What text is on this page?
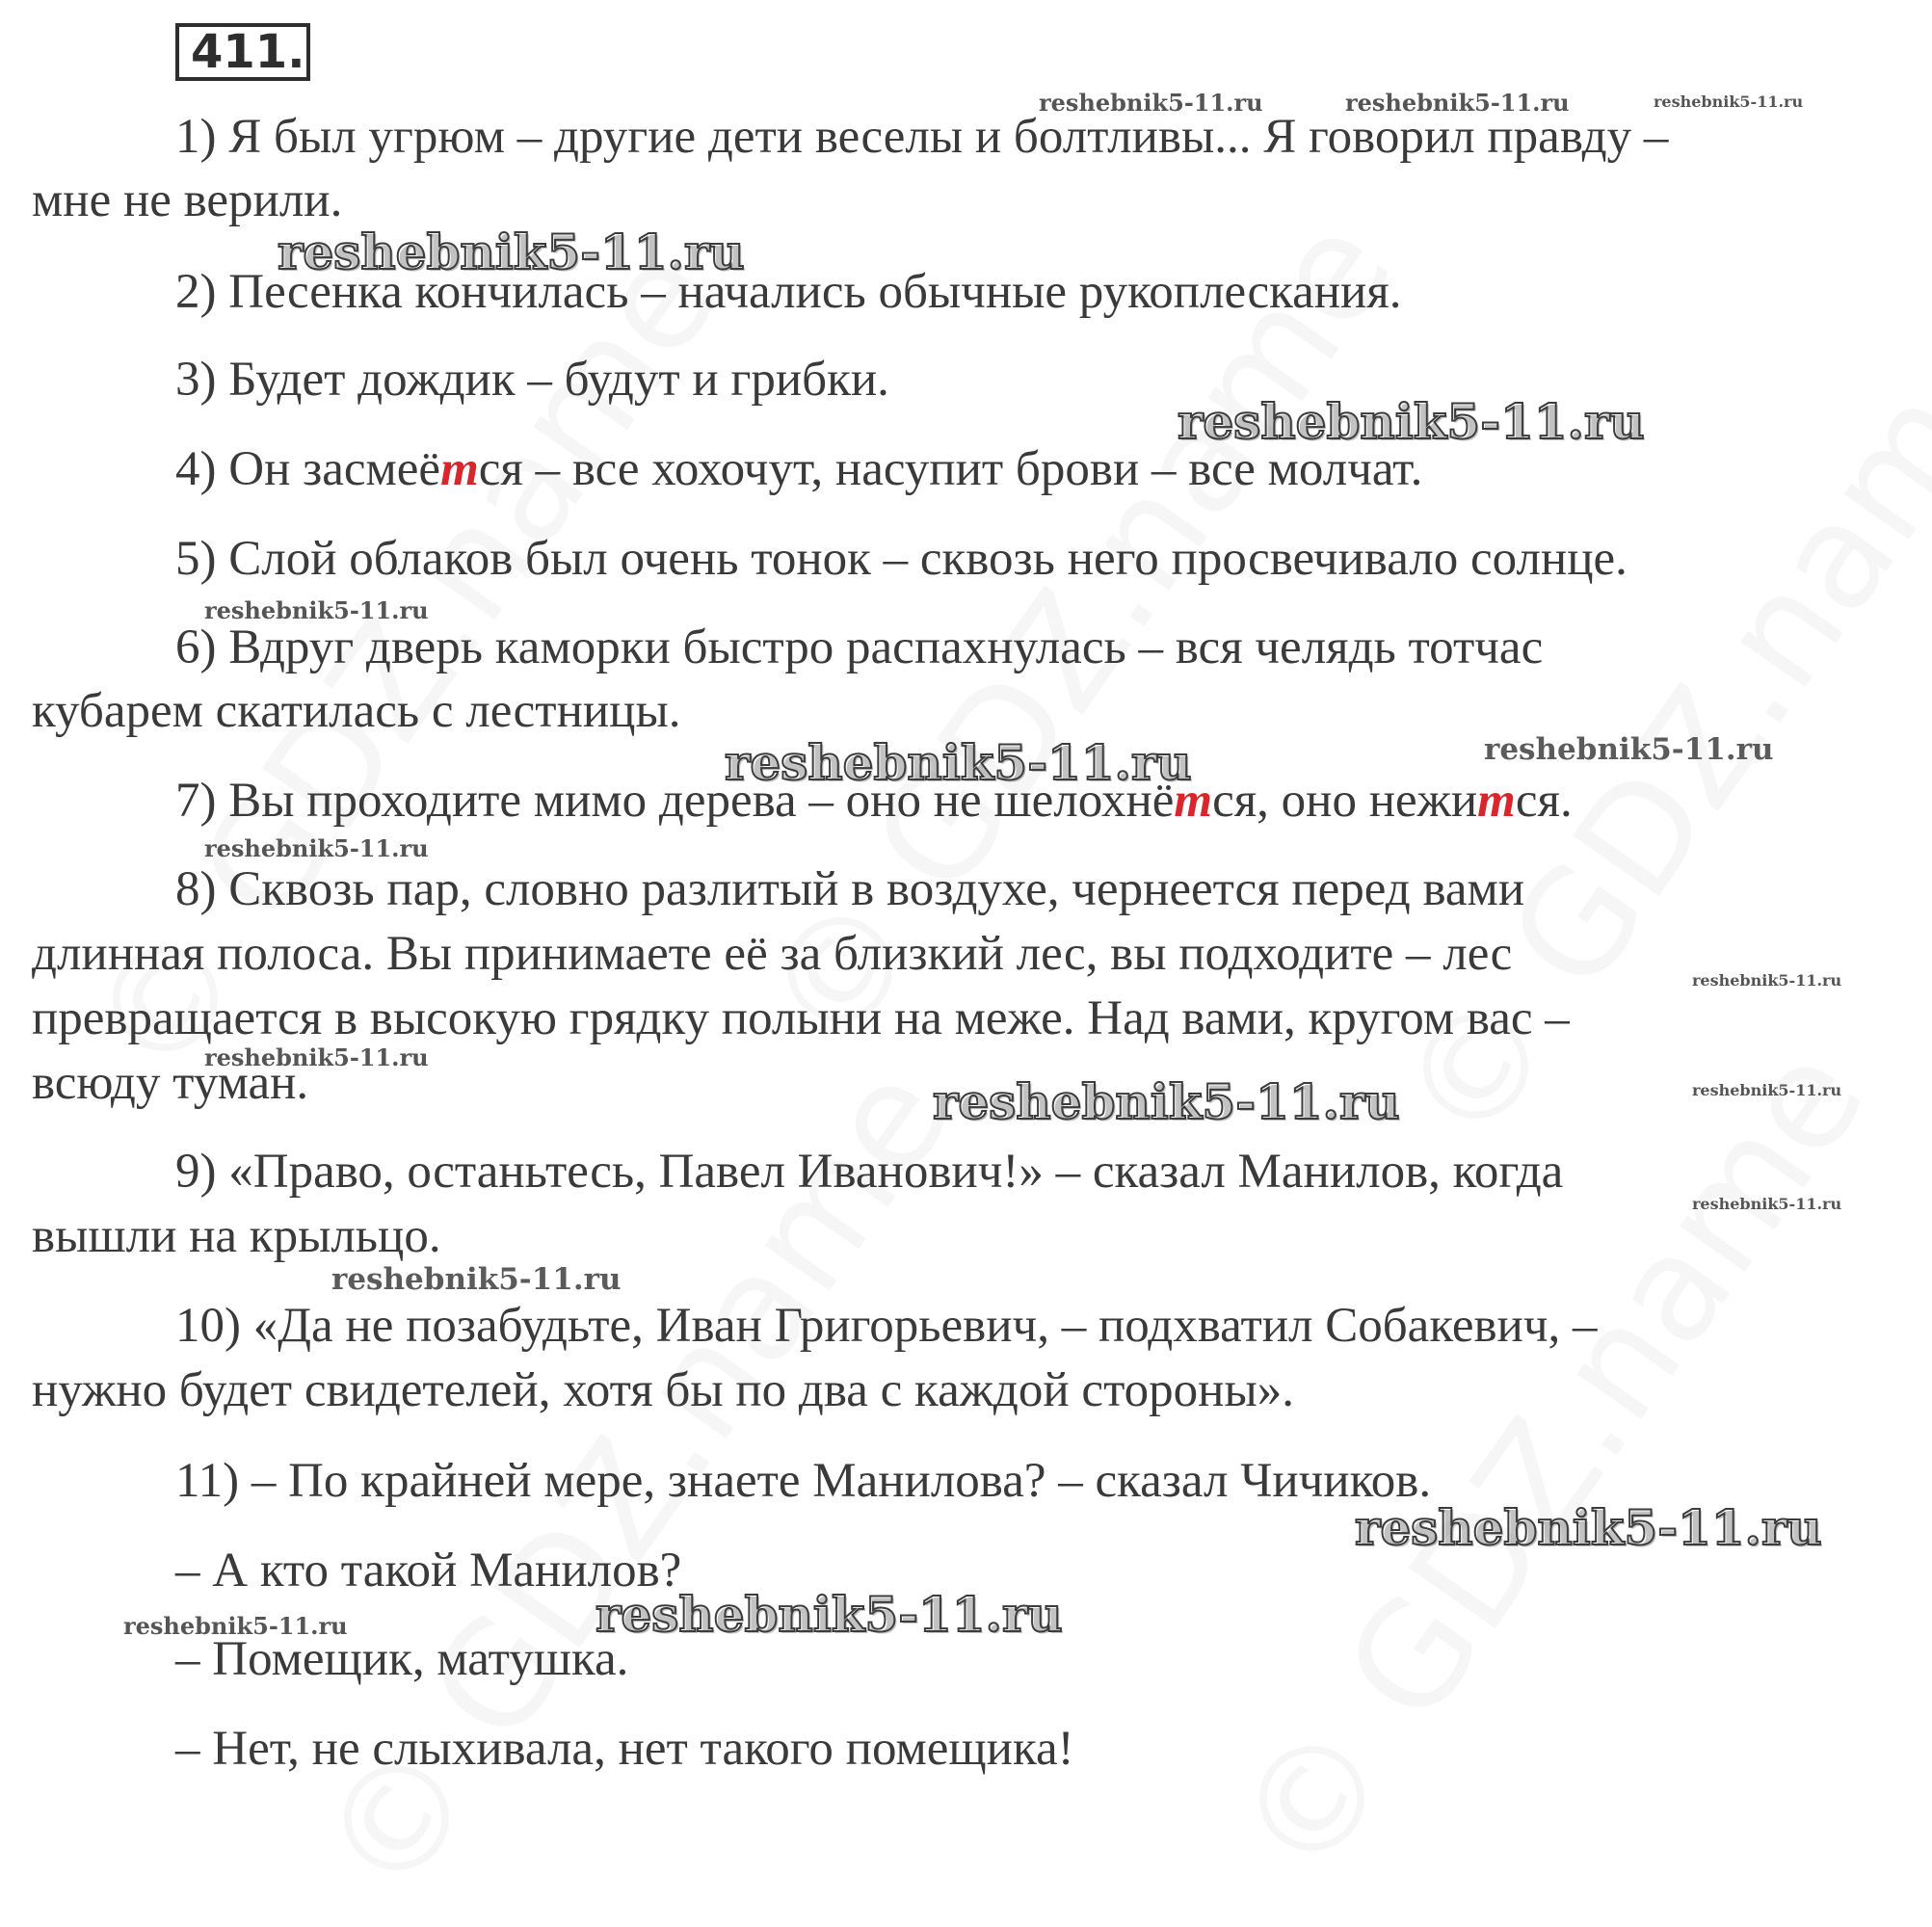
411.
1) Я был угрюм – другие дети веселы и болтливы... Я говорил правду –
мне не верили.
2) Песенка кончилась – начались обычные рукоплескания.
3) Будет дождик – будут и грибки.
4) Он засмеётся – все хохочут, насупит брови – все молчат.
5) Слой облаков был очень тонок – сквозь него просвечивало солнце.
6) Вдруг дверь каморки быстро распахнулась – вся челядь тотчас
кубарем скатилась с лестницы.
7) Вы проходите мимо дерева – оно не шелохнётся, оно нежится.
8) Сквозь пар, словно разлитый в воздухе, чернеется перед вами
длинная полоса. Вы принимаете её за близкий лес, вы подходите – лес
превращается в высокую грядку полыни на меже. Над вами, кругом вас –
всюду туман.
9) «Право, останьтесь, Павел Иванович!» – сказал Манилов, когда
вышли на крыльцо.
10) «Да не позабудьте, Иван Григорьевич, – подхватил Собакевич, –
нужно будет свидетелей, хотя бы по два с каждой стороны».
11) – По крайней мере, знаете Манилова? – сказал Чичиков.
– А кто такой Манилов?
– Помещик, матушка.
– Нет, не слыхивала, нет такого помещика!
reshebnik5-11.ru	reshebnik5-11.ru	reshebnik5-11.ru
reshebnik5-11.ru
reshebnik5-11.ru
reshebnik5-11.ru
reshebnik5-11.ru	reshebnik5-11.ru
reshebnik5-11.ru
reshebnik5-11.ru
reshebnik5-11.ru
reshebnik5-11.ru
reshebnik5-11.ru
reshebnik5-11.ru
reshebnik5-11.ru
reshebnik5-11.ru
reshebnik5-11.ru	reshebnik5-11.ru
